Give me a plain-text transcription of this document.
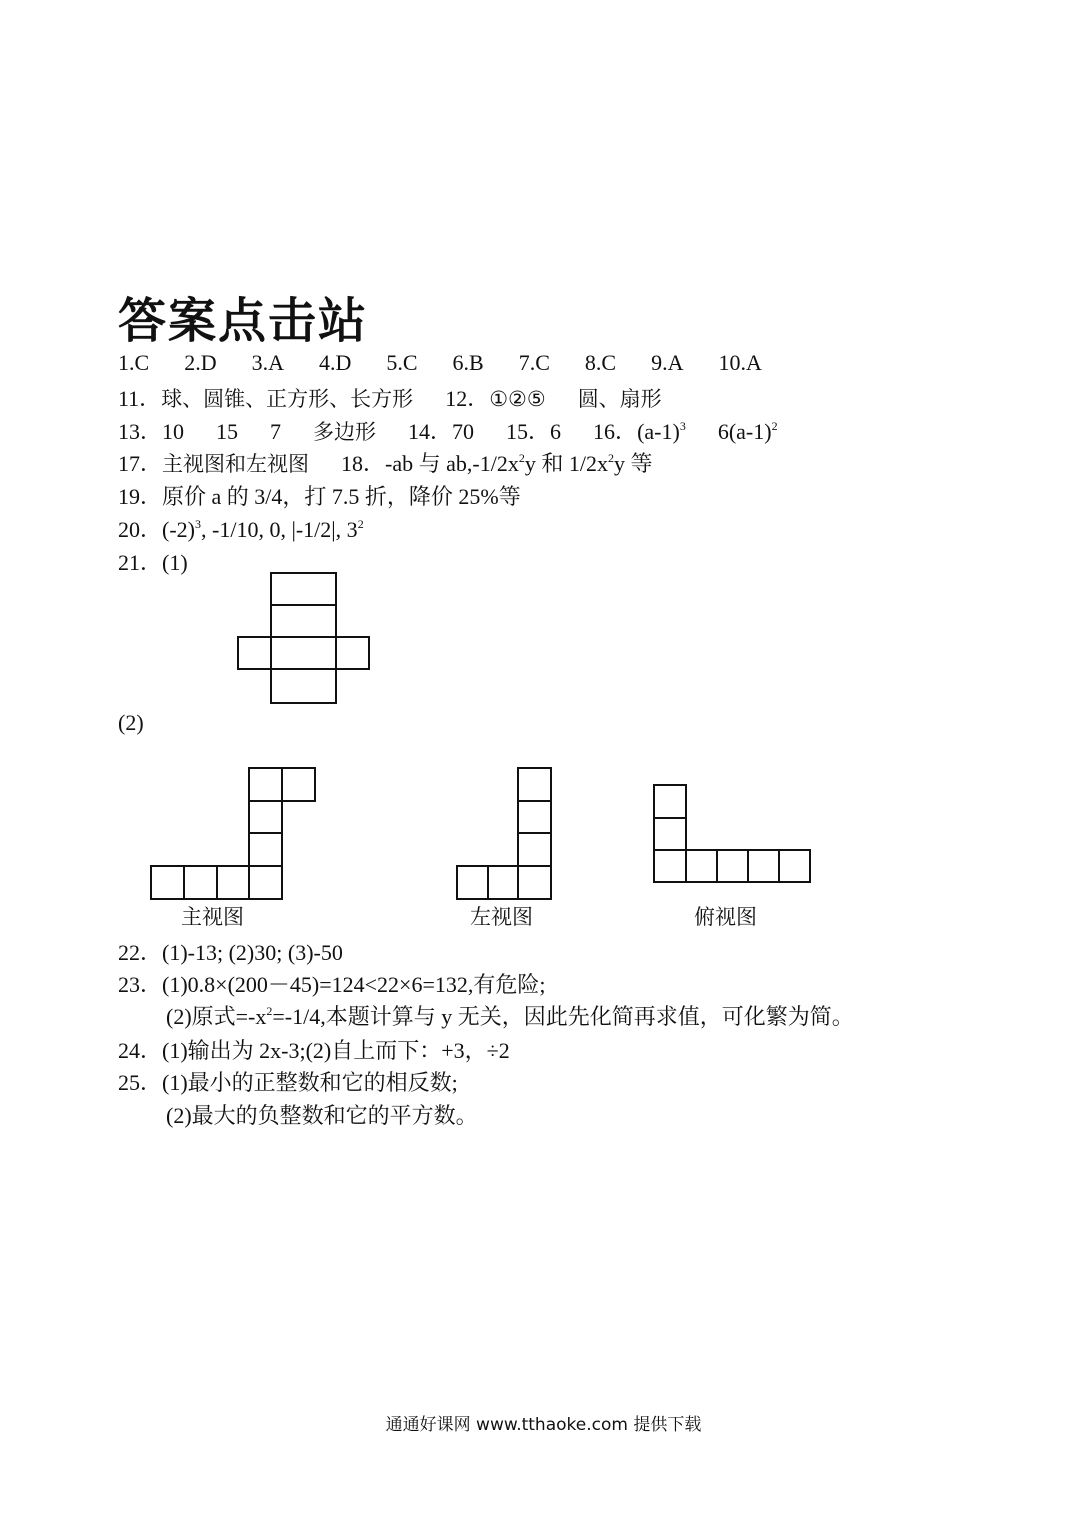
答案点击站
1.C 2.D 3.A 4.D 5.C 6.B 7.C 8.C 9.A 10.A
11．球、圆锥、正方形、长方形 12．①②⑤ 圆、扇形
13．10 15 7 多边形 14．70 15．6 16．$(a-1)^3$ $6(a-1)^2$
17．主视图和左视图 18．-ab 与 $ab,-1/2x^2y$ 和 $1/2x^2y$ 等
19．原价 a 的 3/4，打 7.5 折，降价 25%等
20．$(-2)^3$, -1/10, 0, |-1/2|, $3^2$
21．(1)
(2)
主视图	左视图	俯视图
22．(1)-13; (2)30; (3)-50
23．(1)0.8×(200－45)=124<22×6=132,有危险;
(2)原式$=-x^2=-1/4$,本题计算与 y 无关，因此先化简再求值，可化繁为简。
24．(1)输出为 2x-3;(2)自上而下：+3，÷2
25．(1)最小的正整数和它的相反数;
(2)最大的负整数和它的平方数。
通通好课网 www.tthaoke.com 提供下载
